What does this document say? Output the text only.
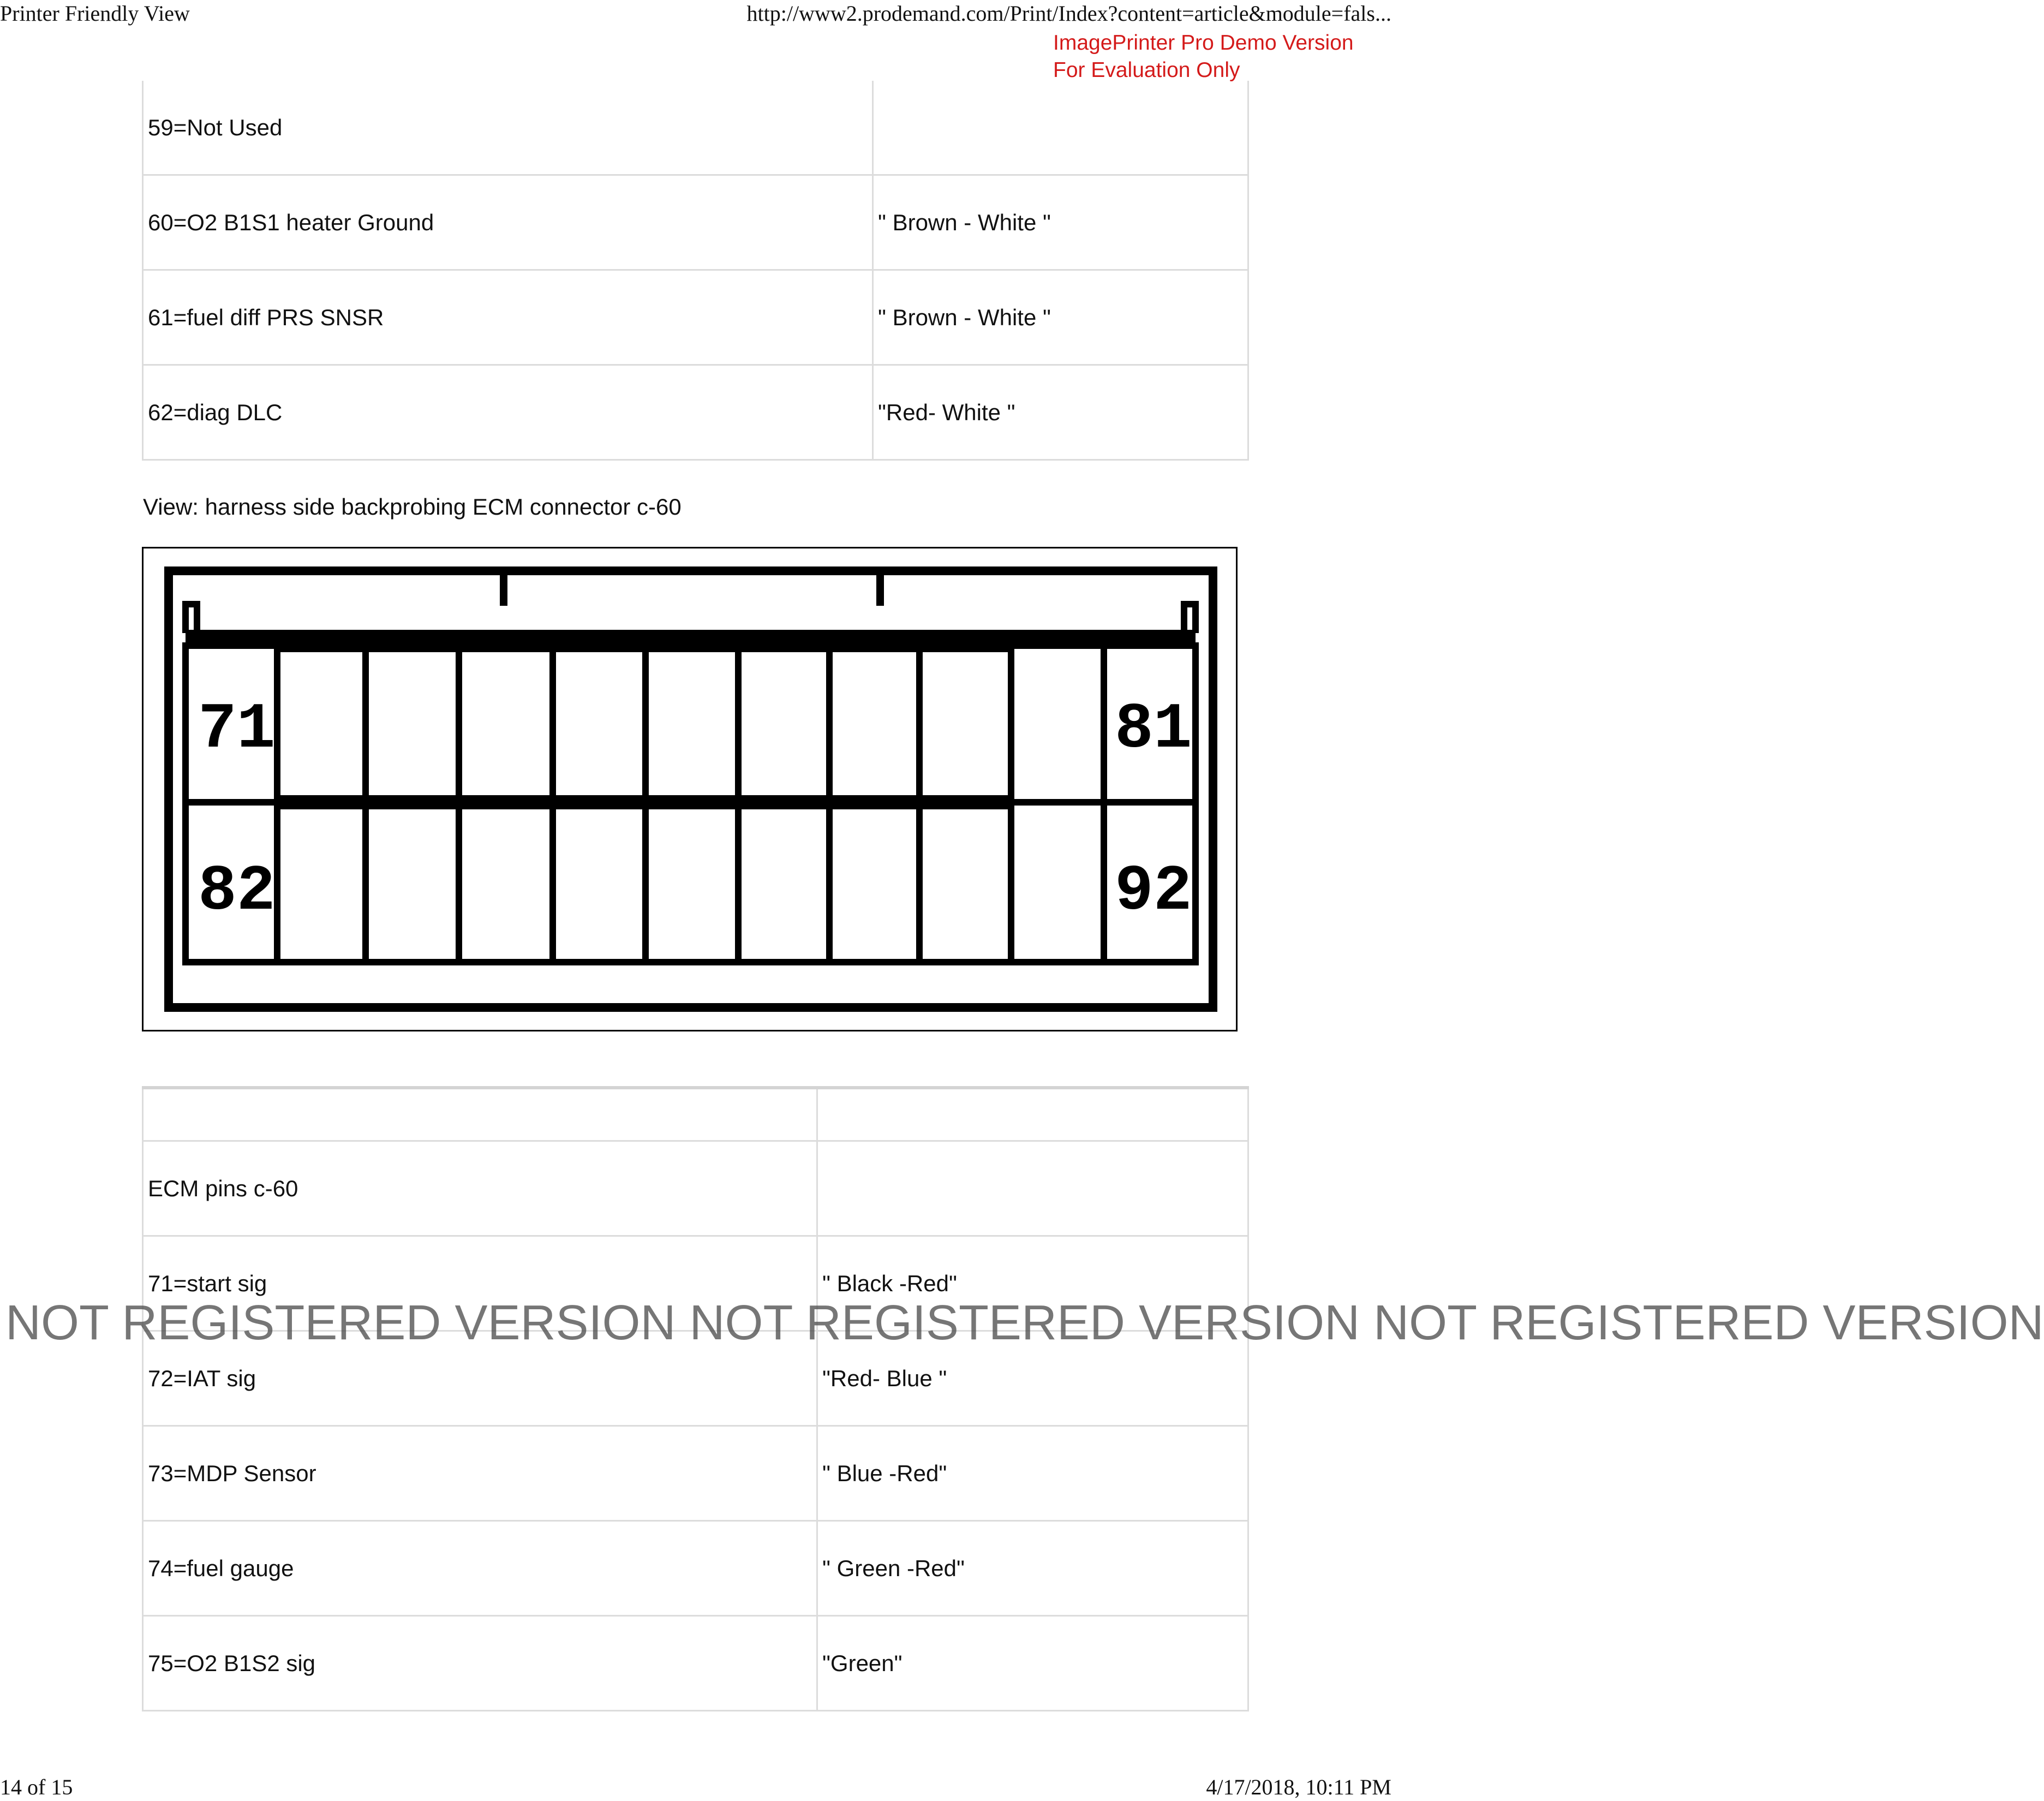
Printer Friendly View	http://www2.prodemand.com/Print/Index?content=article&module=fals...
ImagePrinter Pro Demo Version
For Evaluation Only
59=Not Used	
60=O2 B1S1 heater Ground	" Brown - White "
61=fuel diff PRS SNSR	" Brown - White "
62=diag DLC	"Red- White "
View: harness side backprobing ECM connector c-60
71	81
82	92

ECM pins c-60	
71=start sig	" Black -Red"
72=IAT sig	"Red- Blue "
73=MDP Sensor	" Blue -Red"
74=fuel gauge	" Green -Red"
75=O2 B1S2 sig	"Green"
NOT REGISTERED VERSION NOT REGISTERED VERSION NOT REGISTERED VERSION
14 of 15	4/17/2018, 10:11 PM
